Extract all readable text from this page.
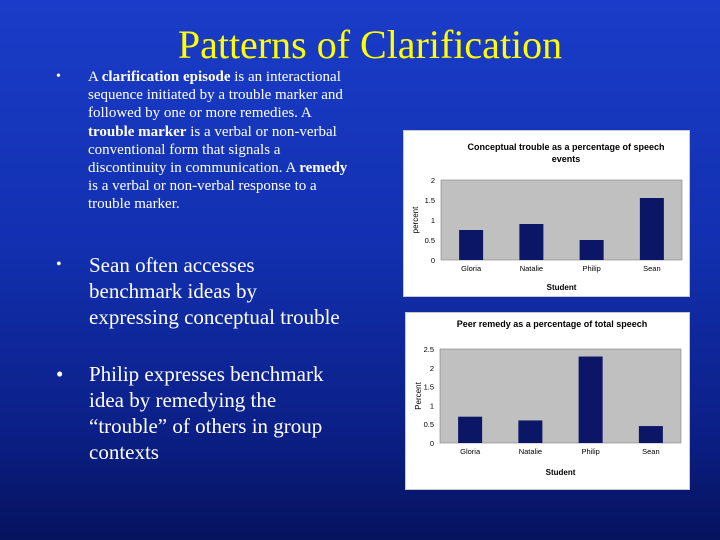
Patterns of Clarification
• A clarification episode is an interactional sequence initiated by a trouble marker and followed by one or more remedies. A trouble marker is a verbal or non-verbal conventional form that signals a discontinuity in communication. A remedy is a verbal or non-verbal response to a trouble marker.
• Sean often accesses benchmark ideas by expressing conceptual trouble
• Philip expresses benchmark idea by remedying the “trouble” of others in group contexts
Conceptual trouble as a percentage of speech
events
0
0.5
1
1.5
2
percent
Gloria	Natalie	Philip	Sean
Student
Peer remedy as a percentage of total speech
0
0.5
1
1.5
2
2.5
Percent
Gloria	Natalie	Philip	Sean
Student
